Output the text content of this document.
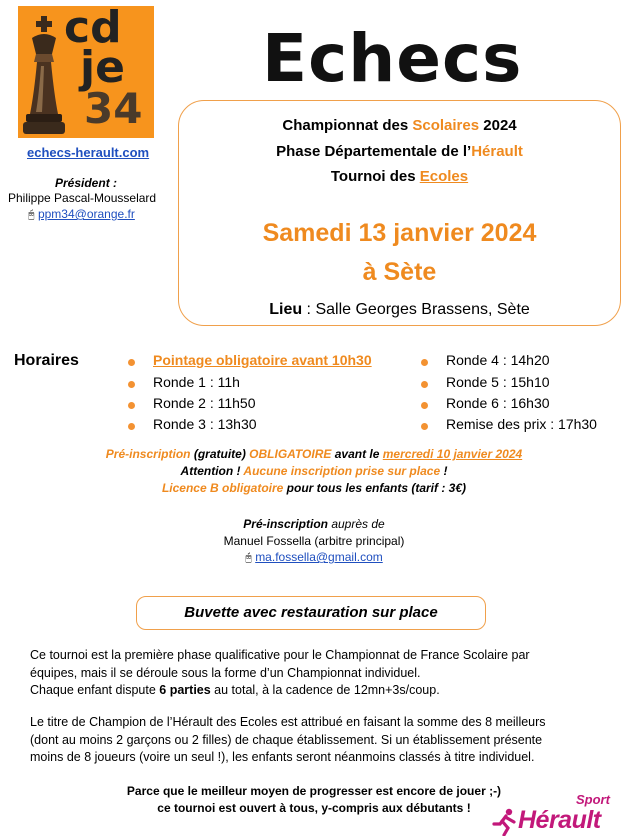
cd
je
34
echecs-herault.com
Président :
Philippe Pascal-Mousselard
🖰 ppm34@orange.fr
Echecs
Championnat des Scolaires 2024
Phase Départementale de l’Hérault
Tournoi des Ecoles
Samedi 13 janvier 2024
à Sète
Lieu : Salle Georges Brassens, Sète
Horaires	Pointage obligatoire avant 10h30
Ronde 1 : 11h
Ronde 2 : 11h50
Ronde 3 : 13h30
Ronde 4 : 14h20
Ronde 5 : 15h10
Ronde 6 : 16h30
Remise des prix : 17h30
Pré-inscription (gratuite) OBLIGATOIRE avant le mercredi 10 janvier 2024
Attention ! Aucune inscription prise sur place !
Licence B obligatoire pour tous les enfants (tarif : 3€)
Pré-inscription auprès de
Manuel Fossella (arbitre principal)
🖰 ma.fossella@gmail.com
Buvette avec restauration sur place
Ce tournoi est la première phase qualificative pour le Championnat de France Scolaire par
équipes, mais il se déroule sous la forme d’un Championnat individuel.
Chaque enfant dispute 6 parties au total, à la cadence de 12mn+3s/coup.
Le titre de Champion de l’Hérault des Ecoles est attribué en faisant la somme des 8 meilleurs
(dont au moins 2 garçons ou 2 filles) de chaque établissement. Si un établissement présente
moins de 8 joueurs (voire un seul !), les enfants seront néanmoins classés à titre individuel.
Parce que le meilleur moyen de progresser est encore de jouer ;-)
ce tournoi est ouvert à tous, y-compris aux débutants !
Sport
Hérault
